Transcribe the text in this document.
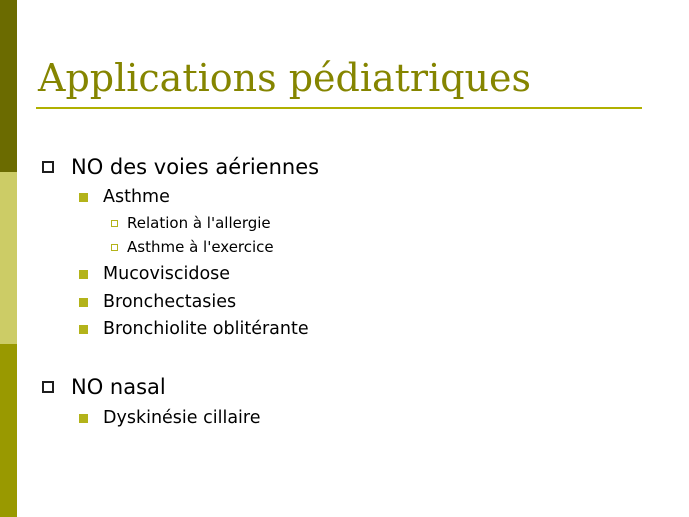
Applications pédiatriques
NO des voies aériennes
Asthme
Relation à l'allergie
Asthme à l'exercice
Mucoviscidose
Bronchectasies
Bronchiolite oblitérante
NO nasal
Dyskinésie cillaire
